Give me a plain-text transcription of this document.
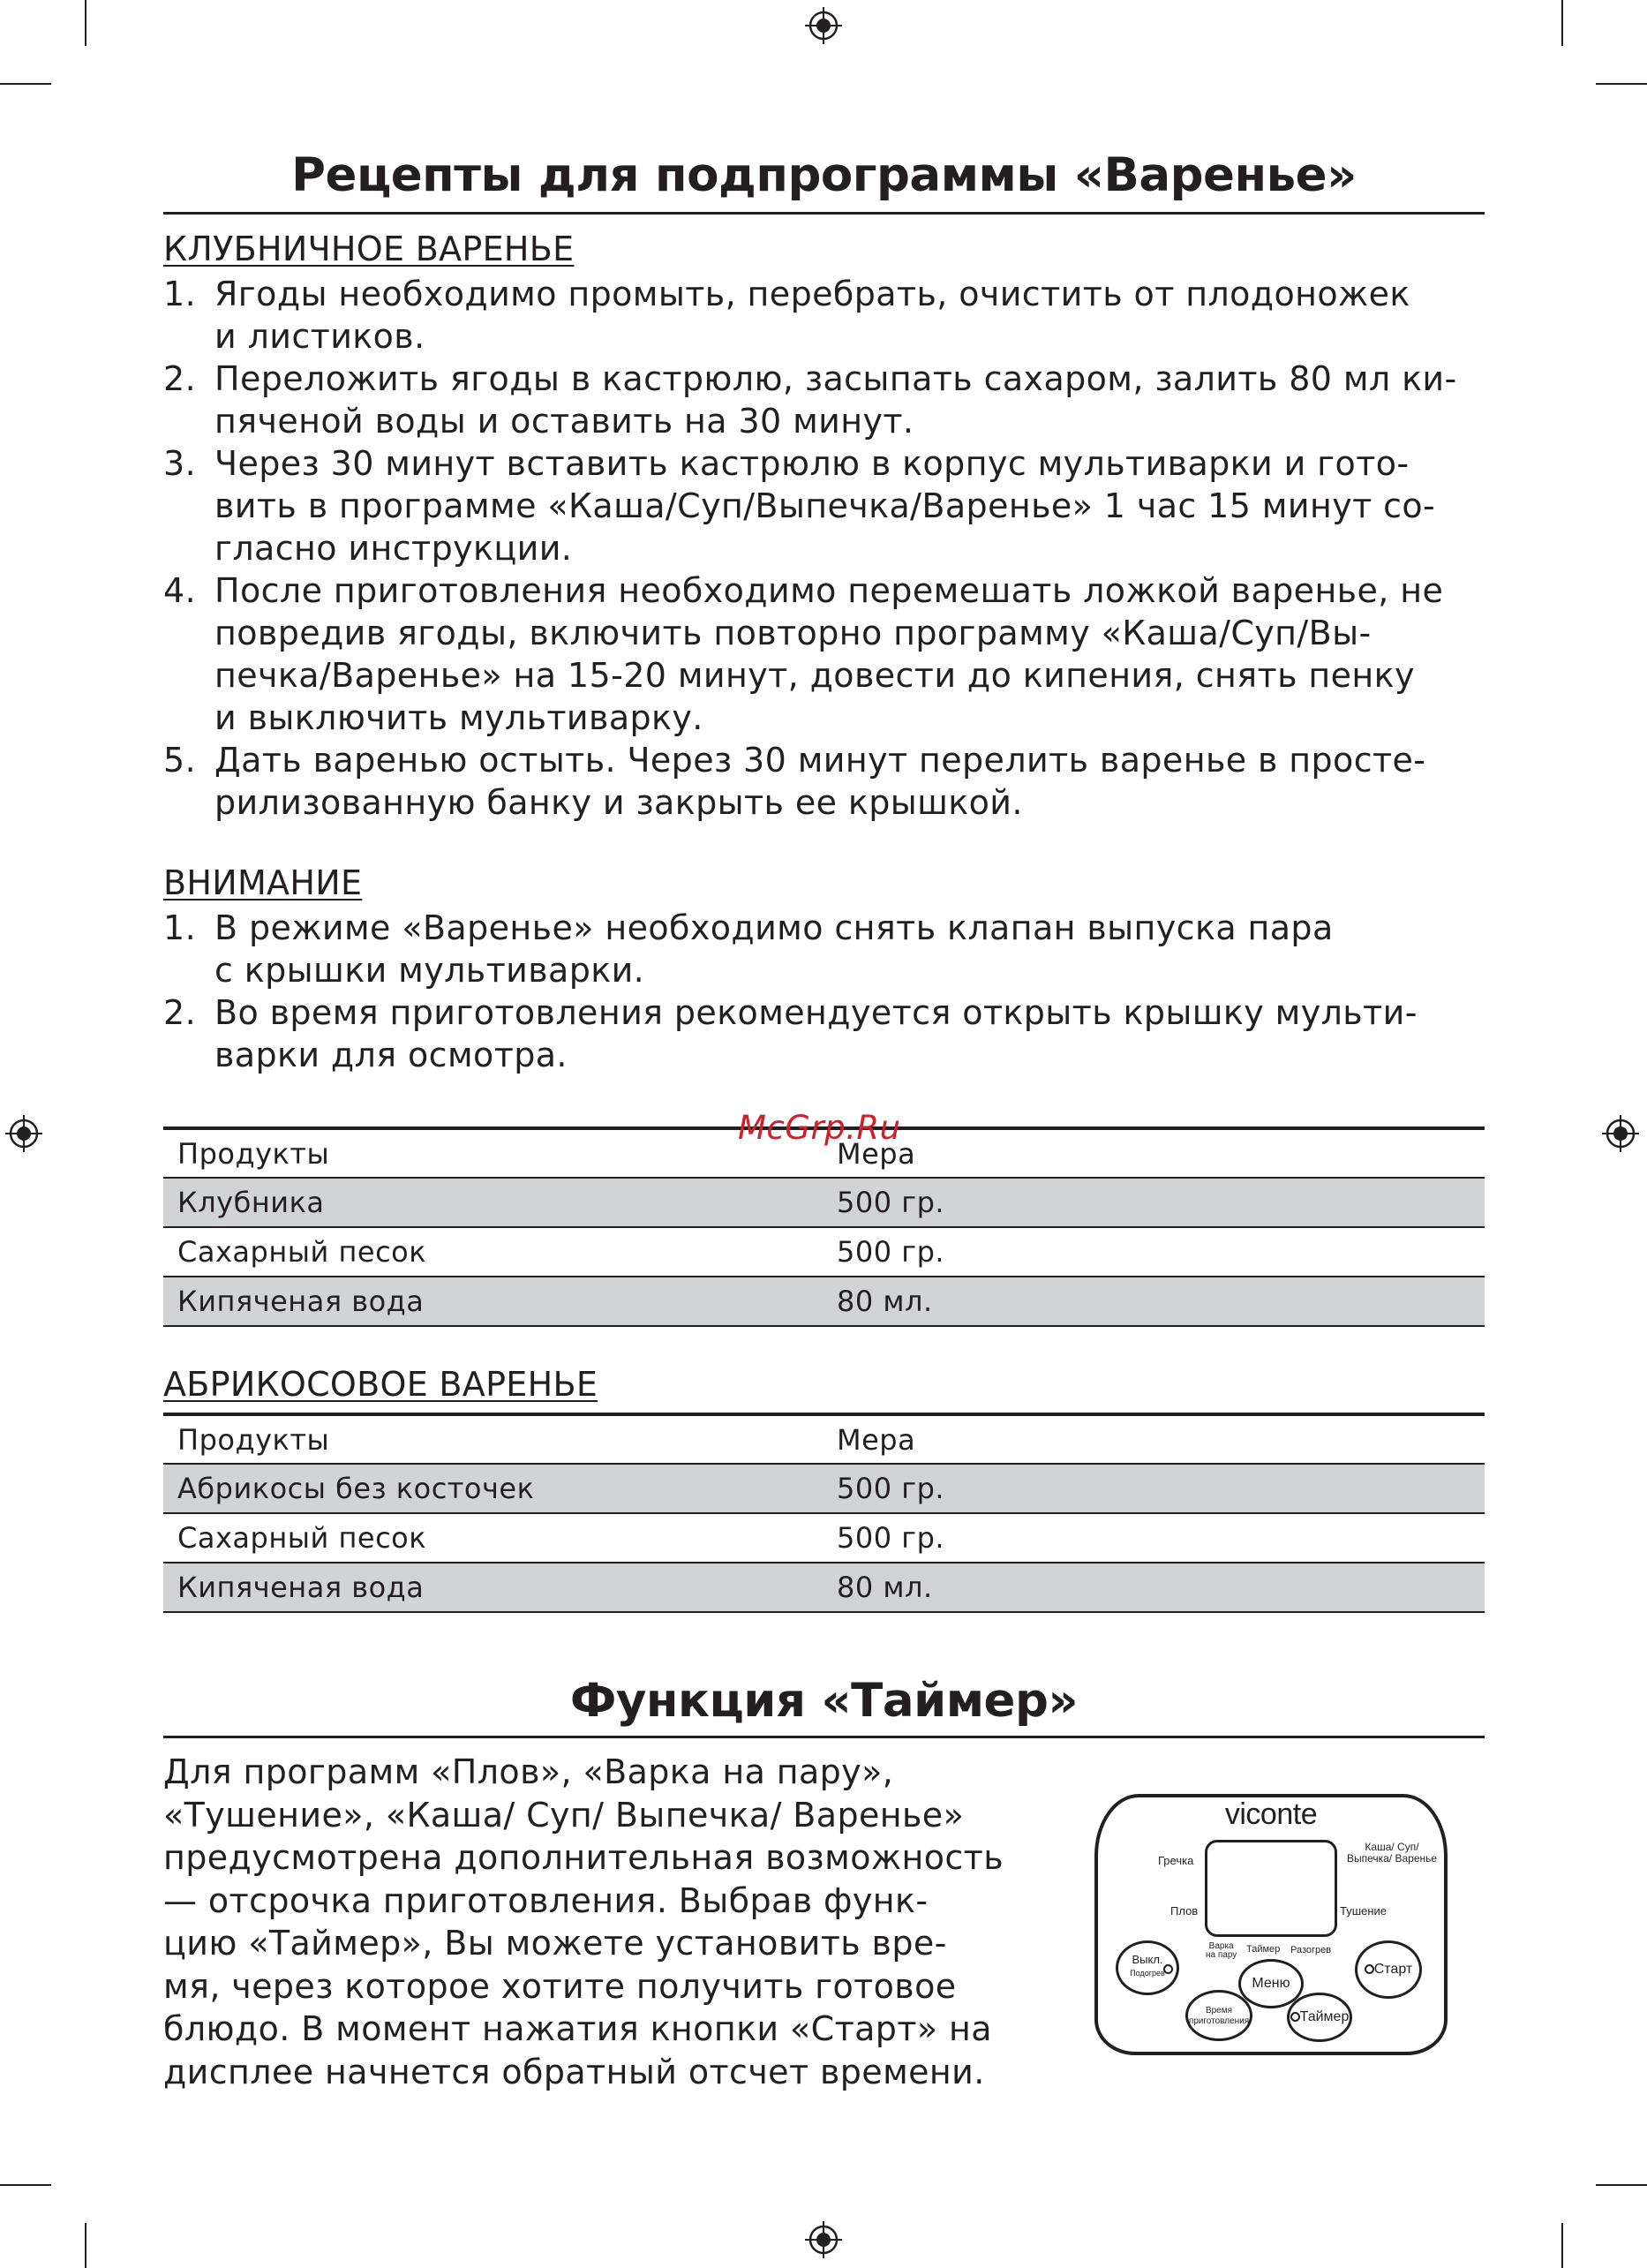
Рецепты для подпрограммы «Варенье»
КЛУБНИЧНОЕ ВАРЕНЬЕ
1. Ягоды необходимо промыть, перебрать, очистить от плодоножек
и листиков.
2. Переложить ягоды в кастрюлю, засыпать сахаром, залить 80 мл ки-
пяченой воды и оставить на 30 минут.
3. Через 30 минут вставить кастрюлю в корпус мультиварки и гото-
вить в программе «Каша/Суп/Выпечка/Варенье» 1 час 15 минут со-
гласно инструкции.
4. После приготовления необходимо перемешать ложкой варенье, не
повредив ягоды, включить повторно программу «Каша/Суп/Вы-
печка/Варенье» на 15-20 минут, довести до кипения, снять пенку
и выключить мультиварку.
5. Дать варенью остыть. Через 30 минут перелить варенье в просте-
рилизованную банку и закрыть ее крышкой.
ВНИМАНИЕ
1. В режиме «Варенье» необходимо снять клапан выпуска пара
с крышки мультиварки.
2. Во время приготовления рекомендуется открыть крышку мульти-
варки для осмотра.
Продукты	Мера
Клубника	500 гр.
Сахарный песок	500 гр.
Кипяченая вода	80 мл.
McGrp.Ru
АБРИКОСОВОЕ ВАРЕНЬЕ
Продукты	Мера
Абрикосы без косточек	500 гр.
Сахарный песок	500 гр.
Кипяченая вода	80 мл.
Функция «Таймер»
Для программ «Плов», «Варка на пару»,
«Тушение», «Каша/ Суп/ Выпечка/ Варенье»
предусмотрена дополнительная возможность
— отсрочка приготовления. Выбрав функ-
цию «Таймер», Вы можете установить вре-
мя, через которое хотите получить готовое
блюдо. В момент нажатия кнопки «Старт» на
дисплее начнется обратный отсчет времени.
viconte
Гречка
Каша/ Суп/
Выпечка/ Варенье
Плов	Тушение
Варка
на пару
Таймер Разогрев
Выкл.
Подогрев
Меню
Старт
Время
приготовления	Таймер
